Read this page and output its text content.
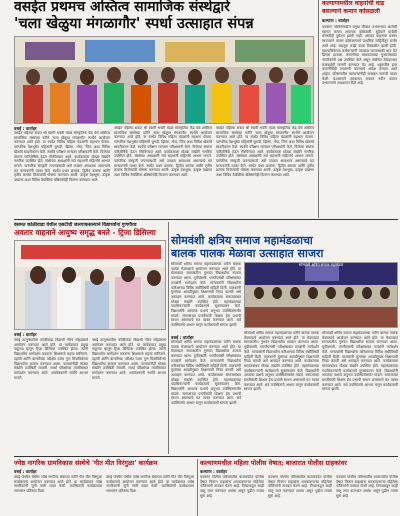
वसईत प्रथमच अस्तित्व सामाजिक संस्थेद्वारे
'चला खेळुया मंगळागौर' स्पर्धा उत्साहात संपन्न
वसई : वार्ताहर
वसईत पहिल्या सत्रात श्री स्वामी भक्ती मंडळ सांस्कृतिक केंद्र येथे अस्तित्व सामाजिक संस्थेच्या वतीने 'चला खेळुया मंगळागौर' स्पर्धेचे आयोजन करण्यात आले होते. या स्पर्धेत विविध महिला मंडळांनी सहभाग घेतला. पारंपरिक वेशभूषेत महिलांनी फुगडी, झिम्मा, गोफ, पिंगा अशा विविध खेळांचे सादरीकरण केले. स्पर्धेचे परीक्षण मान्यवर परीक्षकांनी केले. विजेत्या संघांना पारितोषिके देऊन गौरविण्यात आले. कार्यक्रमाला मोठ्या संख्येने नागरिक उपस्थित होते. संस्थेच्या अध्यक्षांनी सर्व सहभागी महिलांचे आभार मानले. पारंपरिक संस्कृती जपण्यासाठी असे उपक्रम आवश्यक असल्याचे मत मान्यवरांनी व्यक्त केले. स्पर्धेत प्रथम क्रमांक, द्वितीय क्रमांक आणि तृतीय क्रमांक विजेत्यांची घोषणा करण्यात आली. उत्कृष्ट वेशभूषा, उत्कृष्ट उखाणा अशा विविध वैयक्तिक बक्षिसांचेही वितरण करण्यात आले.
वसईत पहिल्या सत्रात श्री स्वामी भक्ती मंडळ सांस्कृतिक केंद्र येथे अस्तित्व सामाजिक संस्थेच्या वतीने 'चला खेळुया मंगळागौर' स्पर्धेचे आयोजन करण्यात आले होते. या स्पर्धेत विविध महिला मंडळांनी सहभाग घेतला. पारंपरिक वेशभूषेत महिलांनी फुगडी, झिम्मा, गोफ, पिंगा अशा विविध खेळांचे सादरीकरण केले. स्पर्धेचे परीक्षण मान्यवर परीक्षकांनी केले. विजेत्या संघांना पारितोषिके देऊन गौरविण्यात आले. कार्यक्रमाला मोठ्या संख्येने नागरिक उपस्थित होते. संस्थेच्या अध्यक्षांनी सर्व सहभागी महिलांचे आभार मानले. पारंपरिक संस्कृती जपण्यासाठी असे उपक्रम आवश्यक असल्याचे मत मान्यवरांनी व्यक्त केले. स्पर्धेत प्रथम क्रमांक, द्वितीय क्रमांक आणि तृतीय क्रमांक विजेत्यांची घोषणा करण्यात आली. उत्कृष्ट वेशभूषा, उत्कृष्ट उखाणा अशा विविध वैयक्तिक बक्षिसांचेही वितरण करण्यात आले.
वसईत पहिल्या सत्रात श्री स्वामी भक्ती मंडळ सांस्कृतिक केंद्र येथे अस्तित्व सामाजिक संस्थेच्या वतीने 'चला खेळुया मंगळागौर' स्पर्धेचे आयोजन करण्यात आले होते. या स्पर्धेत विविध महिला मंडळांनी सहभाग घेतला. पारंपरिक वेशभूषेत महिलांनी फुगडी, झिम्मा, गोफ, पिंगा अशा विविध खेळांचे सादरीकरण केले. स्पर्धेचे परीक्षण मान्यवर परीक्षकांनी केले. विजेत्या संघांना पारितोषिके देऊन गौरविण्यात आले. कार्यक्रमाला मोठ्या संख्येने नागरिक उपस्थित होते. संस्थेच्या अध्यक्षांनी सर्व सहभागी महिलांचे आभार मानले. पारंपरिक संस्कृती जपण्यासाठी असे उपक्रम आवश्यक असल्याचे मत मान्यवरांनी व्यक्त केले. स्पर्धेत प्रथम क्रमांक, द्वितीय क्रमांक आणि तृतीय क्रमांक विजेत्यांची घोषणा करण्यात आली. उत्कृष्ट वेशभूषा, उत्कृष्ट उखाणा अशा विविध वैयक्तिक बक्षिसांचेही वितरण करण्यात आले.
कल्याणमधील वाहनांची वाढ
बसल्याने कमान कोसळली
कल्याण : वार्ताहर
कल्याण पश्चिमेकडील प्रमुख चौकात उभारण्यात आलेली स्वागत कमान अचानक कोसळली. सुदैवाने यावेळी कोणतीही दुर्घटना झाली नाही. अवजड वाहनाचा धक्का लागल्याने कमान कोसळल्याचे प्राथमिक माहितीतून समोर आले आहे. वाहतूक काही काळ विस्कळीत झाली होती. महापालिकेच्या कर्मचाऱ्यांनी तात्काळ घटनास्थळी धाव घेत ढिगारा हटवला. कमानीच्या बांधकामाच्या गुणवत्तेबाबत नागरिकांनी प्रश्न उपस्थित केले असून संबंधित ठेकेदारावर कारवाईची मागणी करण्यात येत आहे. शहरातील इतर कमानींचीही तपासणी करण्याचे आदेश देण्यात आले आहेत. परिसरातील व्यापाऱ्यांनीही याबाबत नाराजी व्यक्त केली. प्रशासनाने लवकरात लवकर नवीन कमान उभारण्याचे आश्वासन दिले आहे.
वसमत कोळीवाडा येथील एसटीची जलपाकसल्याने विद्यार्थ्यांना गुणगौरव
अवतार वाहनाने आयुष्य समृद्ध बनते - ट्रिजा डिसिल्वा
वसई : वार्ताहर
वसई तालुक्यातील कोळीवाडा विद्यार्थी गौरव सोहळ्याचे आयोजन करण्यात आले होते. या कार्यक्रमात प्रमुख पाहुण्या म्हणून ट्रिजा डिसिल्वा उपस्थित होत्या. त्यांनी विद्यार्थ्यांना मार्गदर्शन करताना शिक्षणाचे महत्त्व सांगितले. दहावी आणि बारावीच्या परीक्षेत उत्तम गुण मिळविलेल्या विद्यार्थ्यांचा सत्कार करण्यात आला. पालकांनीही मोठ्या संख्येने उपस्थिती लावली. स्पर्धा परीक्षांच्या तयारीबाबत मार्गदर्शन करण्यात आले. आयोजकांनी सर्वांचे आभार मानले.
वसई तालुक्यातील कोळीवाडा विद्यार्थी गौरव सोहळ्याचे आयोजन करण्यात आले होते. या कार्यक्रमात प्रमुख पाहुण्या म्हणून ट्रिजा डिसिल्वा उपस्थित होत्या. त्यांनी विद्यार्थ्यांना मार्गदर्शन करताना शिक्षणाचे महत्त्व सांगितले. दहावी आणि बारावीच्या परीक्षेत उत्तम गुण मिळविलेल्या विद्यार्थ्यांचा सत्कार करण्यात आला. पालकांनीही मोठ्या संख्येने उपस्थिती लावली. स्पर्धा परीक्षांच्या तयारीबाबत मार्गदर्शन करण्यात आले. आयोजकांनी सर्वांचे आभार मानले.
सोमवंशी क्षत्रिय समाज महामंडळाचा
बालक पालक मेळावा उत्साहात साजरा
सोमवंशी क्षत्रिय समाज महामंडळाच्या वतीने बालक पालक मेळाव्याचे आयोजन करण्यात आले होते. या मेळाव्यात समाजातील गुणवंत विद्यार्थ्यांचा सत्कार करण्यात आला. यूपीएससी, एमपीएससी परीक्षांबाबत तज्ज्ञांनी मार्गदर्शन केले. मान्यवरांनी विद्यार्थ्यांना करिअरच्या विविध संधींविषयी माहिती दिली. पालकांनी मुलांच्या आवडीनुसार शिक्षणाची निवड करावी असे आवाहन करण्यात आले. कार्यक्रमाला समाजबांधव मोठ्या संख्येने उपस्थित होते. महामंडळाच्या पदाधिकाऱ्यांनी कार्यक्रमाचे सूत्रसंचालन केले. विद्यार्थ्यांनी आपल्या यशाचे अनुभव उपस्थितांसमोर मांडले. समाजाच्या प्रगतीसाठी शिक्षण हेच प्रभावी साधन असल्याचे मत व्यक्त करण्यात आले. सर्व उपस्थितांचे आभार मानून कार्यक्रमाची सांगता झाली.
सोमवंशी क्षत्रिय समाज महामंडळ
वसई : वार्ताहर
सोमवंशी क्षत्रिय समाज महामंडळाच्या वतीने बालक पालक मेळाव्याचे आयोजन करण्यात आले होते. या मेळाव्यात समाजातील गुणवंत विद्यार्थ्यांचा सत्कार करण्यात आला. यूपीएससी, एमपीएससी परीक्षांबाबत तज्ज्ञांनी मार्गदर्शन केले. मान्यवरांनी विद्यार्थ्यांना करिअरच्या विविध संधींविषयी माहिती दिली. पालकांनी मुलांच्या आवडीनुसार शिक्षणाची निवड करावी असे आवाहन करण्यात आले. कार्यक्रमाला समाजबांधव मोठ्या संख्येने उपस्थित होते. महामंडळाच्या पदाधिकाऱ्यांनी कार्यक्रमाचे सूत्रसंचालन केले. विद्यार्थ्यांनी आपल्या यशाचे अनुभव उपस्थितांसमोर मांडले. समाजाच्या प्रगतीसाठी शिक्षण हेच प्रभावी साधन असल्याचे मत व्यक्त करण्यात आले. सर्व उपस्थितांचे आभार मानून कार्यक्रमाची सांगता झाली.
सोमवंशी क्षत्रिय समाज महामंडळाच्या वतीने बालक पालक मेळाव्याचे आयोजन करण्यात आले होते. या मेळाव्यात समाजातील गुणवंत विद्यार्थ्यांचा सत्कार करण्यात आला. यूपीएससी, एमपीएससी परीक्षांबाबत तज्ज्ञांनी मार्गदर्शन केले. मान्यवरांनी विद्यार्थ्यांना करिअरच्या विविध संधींविषयी माहिती दिली. पालकांनी मुलांच्या आवडीनुसार शिक्षणाची निवड करावी असे आवाहन करण्यात आले. कार्यक्रमाला समाजबांधव मोठ्या संख्येने उपस्थित होते. महामंडळाच्या पदाधिकाऱ्यांनी कार्यक्रमाचे सूत्रसंचालन केले. विद्यार्थ्यांनी आपल्या यशाचे अनुभव उपस्थितांसमोर मांडले. समाजाच्या प्रगतीसाठी शिक्षण हेच प्रभावी साधन असल्याचे मत व्यक्त करण्यात आले. सर्व उपस्थितांचे आभार मानून कार्यक्रमाची सांगता झाली.
सोमवंशी क्षत्रिय समाज महामंडळाच्या वतीने बालक पालक मेळाव्याचे आयोजन करण्यात आले होते. या मेळाव्यात समाजातील गुणवंत विद्यार्थ्यांचा सत्कार करण्यात आला. यूपीएससी, एमपीएससी परीक्षांबाबत तज्ज्ञांनी मार्गदर्शन केले. मान्यवरांनी विद्यार्थ्यांना करिअरच्या विविध संधींविषयी माहिती दिली. पालकांनी मुलांच्या आवडीनुसार शिक्षणाची निवड करावी असे आवाहन करण्यात आले. कार्यक्रमाला समाजबांधव मोठ्या संख्येने उपस्थित होते. महामंडळाच्या पदाधिकाऱ्यांनी कार्यक्रमाचे सूत्रसंचालन केले. विद्यार्थ्यांनी आपल्या यशाचे अनुभव उपस्थितांसमोर मांडले. समाजाच्या प्रगतीसाठी शिक्षण हेच प्रभावी साधन असल्याचे मत व्यक्त करण्यात आले. सर्व उपस्थितांचे आभार मानून कार्यक्रमाची सांगता झाली.
ज्येष्ठ नागरिक ग्रामविकास संस्थेचे 'गीत मीत विरंगुळा' कार्यक्रम
वसई : वार्ताहर
वसई पश्चिम येथील ज्येष्ठ नागरिक संघाच्या वतीने गीत मीत विरंगुळा कार्यक्रमाचे आयोजन करण्यात आले होते. या कार्यक्रमात ज्येष्ठ नागरिकांनी जुनी गाणी सादर केली. उपस्थितांनी कार्यक्रमाला भरभरून प्रतिसाद दिला.
वसई पश्चिम येथील ज्येष्ठ नागरिक संघाच्या वतीने गीत मीत विरंगुळा कार्यक्रमाचे आयोजन करण्यात आले होते. या कार्यक्रमात ज्येष्ठ नागरिकांनी जुनी गाणी सादर केली. उपस्थितांनी कार्यक्रमाला भरभरून प्रतिसाद दिला.
कल्याणमधील महिला पोलीस वेषात; बाजारात पोलीस ग्राहकांवर
कल्याण : वार्ताहर
कल्याण पश्चिम परिसरातील बाजारपेठेत पोलीस वेषात फिरून ग्राहकांना धमकावणाऱ्या महिलेला पोलिसांनी ताब्यात घेतले आहे. तिच्याकडून काही वस्तू जप्त करण्यात आल्या असून पुढील तपास सुरू आहे.
कल्याण पश्चिम परिसरातील बाजारपेठेत पोलीस वेषात फिरून ग्राहकांना धमकावणाऱ्या महिलेला पोलिसांनी ताब्यात घेतले आहे. तिच्याकडून काही वस्तू जप्त करण्यात आल्या असून पुढील तपास सुरू आहे.
कल्याण पश्चिम परिसरातील बाजारपेठेत पोलीस वेषात फिरून ग्राहकांना धमकावणाऱ्या महिलेला पोलिसांनी ताब्यात घेतले आहे. तिच्याकडून काही वस्तू जप्त करण्यात आल्या असून पुढील तपास सुरू आहे.
